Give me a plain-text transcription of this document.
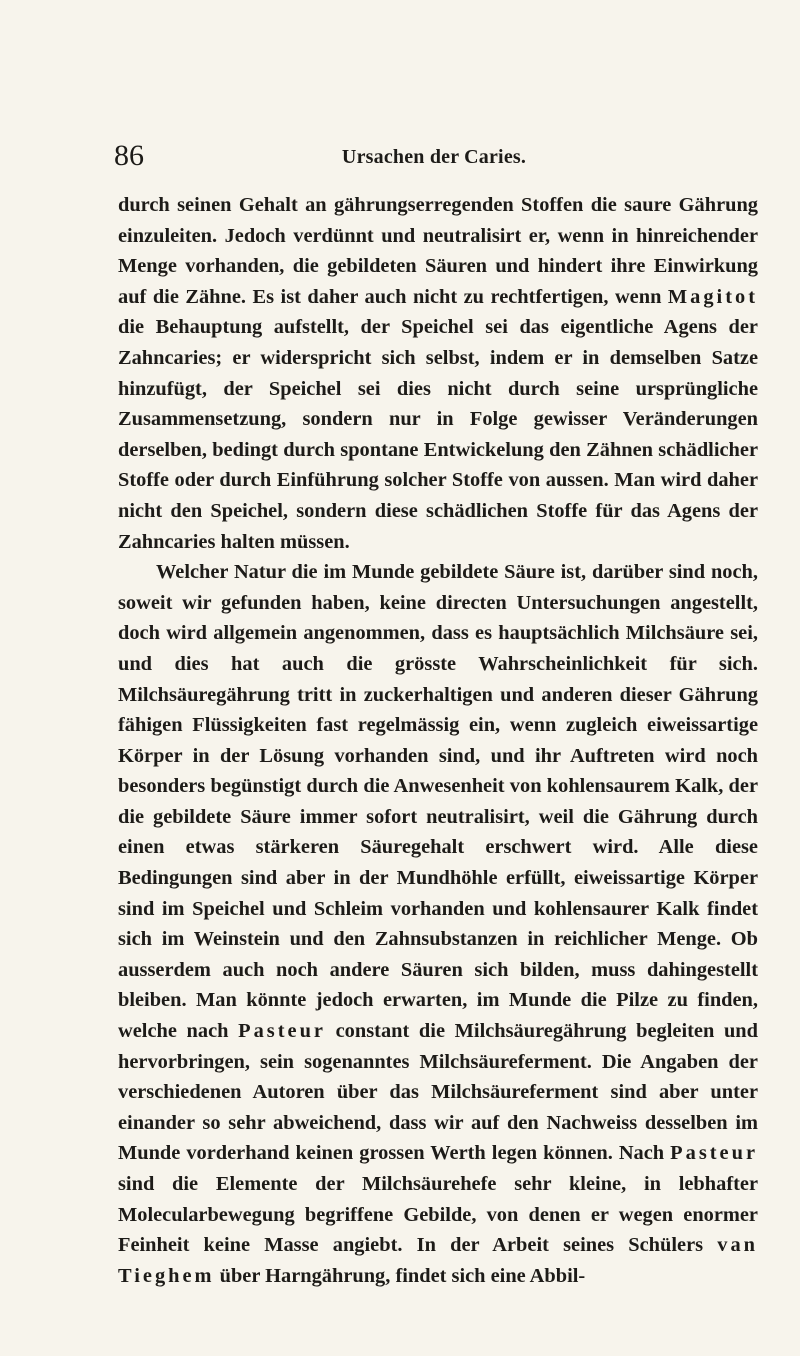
86	Ursachen der Caries.

durch seinen Gehalt an gährungserregenden Stoffen die saure Gährung einzuleiten. Jedoch verdünnt und neutralisirt er, wenn in hinreichender Menge vorhanden, die gebildeten Säuren und hindert ihre Einwirkung auf die Zähne. Es ist daher auch nicht zu rechtfertigen, wenn Magitot die Behauptung aufstellt, der Speichel sei das eigentliche Agens der Zahncaries; er widerspricht sich selbst, indem er in demselben Satze hinzufügt, der Speichel sei dies nicht durch seine ursprüngliche Zusammensetzung, sondern nur in Folge gewisser Veränderungen derselben, bedingt durch spontane Entwickelung den Zähnen schädlicher Stoffe oder durch Einführung solcher Stoffe von aussen. Man wird daher nicht den Speichel, sondern diese schädlichen Stoffe für das Agens der Zahncaries halten müssen.

Welcher Natur die im Munde gebildete Säure ist, darüber sind noch, soweit wir gefunden haben, keine directen Untersuchungen angestellt, doch wird allgemein angenommen, dass es hauptsächlich Milchsäure sei, und dies hat auch die grösste Wahrscheinlichkeit für sich. Milchsäuregährung tritt in zuckerhaltigen und anderen dieser Gährung fähigen Flüssigkeiten fast regelmässig ein, wenn zugleich eiweissartige Körper in der Lösung vorhanden sind, und ihr Auftreten wird noch besonders begünstigt durch die Anwesenheit von kohlensaurem Kalk, der die gebildete Säure immer sofort neutralisirt, weil die Gährung durch einen etwas stärkeren Säuregehalt erschwert wird. Alle diese Bedingungen sind aber in der Mundhöhle erfüllt, eiweissartige Körper sind im Speichel und Schleim vorhanden und kohlensaurer Kalk findet sich im Weinstein und den Zahnsubstanzen in reichlicher Menge. Ob ausserdem auch noch andere Säuren sich bilden, muss dahingestellt bleiben. Man könnte jedoch erwarten, im Munde die Pilze zu finden, welche nach Pasteur constant die Milchsäuregährung begleiten und hervorbringen, sein sogenanntes Milchsäureferment. Die Angaben der verschiedenen Autoren über das Milchsäureferment sind aber unter einander so sehr abweichend, dass wir auf den Nachweiss desselben im Munde vorderhand keinen grossen Werth legen können. Nach Pasteur sind die Elemente der Milchsäurehefe sehr kleine, in lebhafter Molecularbewegung begriffene Gebilde, von denen er wegen enormer Feinheit keine Masse angiebt. In der Arbeit seines Schülers van Tieghem über Harngährung, findet sich eine Abbil-
